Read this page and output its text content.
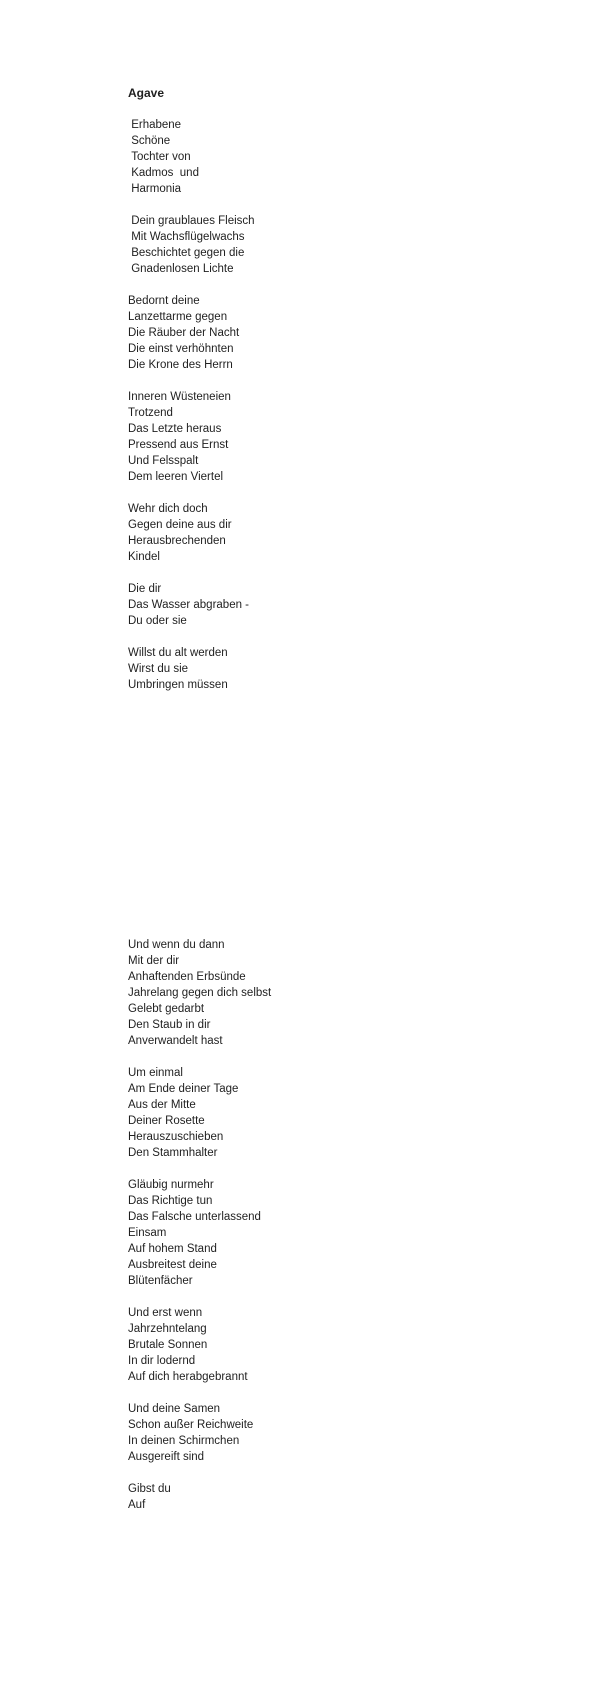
Agave
Erhabene
Schöne
Tochter von
Kadmos  und
Harmonia
Dein graublaues Fleisch
Mit Wachsflügelwachs
Beschichtet gegen die
Gnadenlosen Lichte
Bedornt deine
Lanzettarme gegen
Die Räuber der Nacht
Die einst verhöhnten
Die Krone des Herrn
Inneren Wüsteneien
Trotzend
Das Letzte heraus
Pressend aus Ernst
Und Felsspalt
Dem leeren Viertel
Wehr dich doch
Gegen deine aus dir
Herausbrechenden
Kindel
Die dir
Das Wasser abgraben -
Du oder sie
Willst du alt werden
Wirst du sie
Umbringen müssen
Und wenn du dann
Mit der dir
Anhaftenden Erbsünde
Jahrelang gegen dich selbst
Gelebt gedarbt
Den Staub in dir
Anverwandelt hast
Um einmal
Am Ende deiner Tage
Aus der Mitte
Deiner Rosette
Herauszuschieben
Den Stammhalter
Gläubig nurmehr
Das Richtige tun
Das Falsche unterlassend
Einsam
Auf hohem Stand
Ausbreitest deine
Blütenfächer
Und erst wenn
Jahrzehntelang
Brutale Sonnen
In dir lodernd
Auf dich herabgebrannt
Und deine Samen
Schon außer Reichweite
In deinen Schirmchen
Ausgereift sind
Gibst du
Auf
